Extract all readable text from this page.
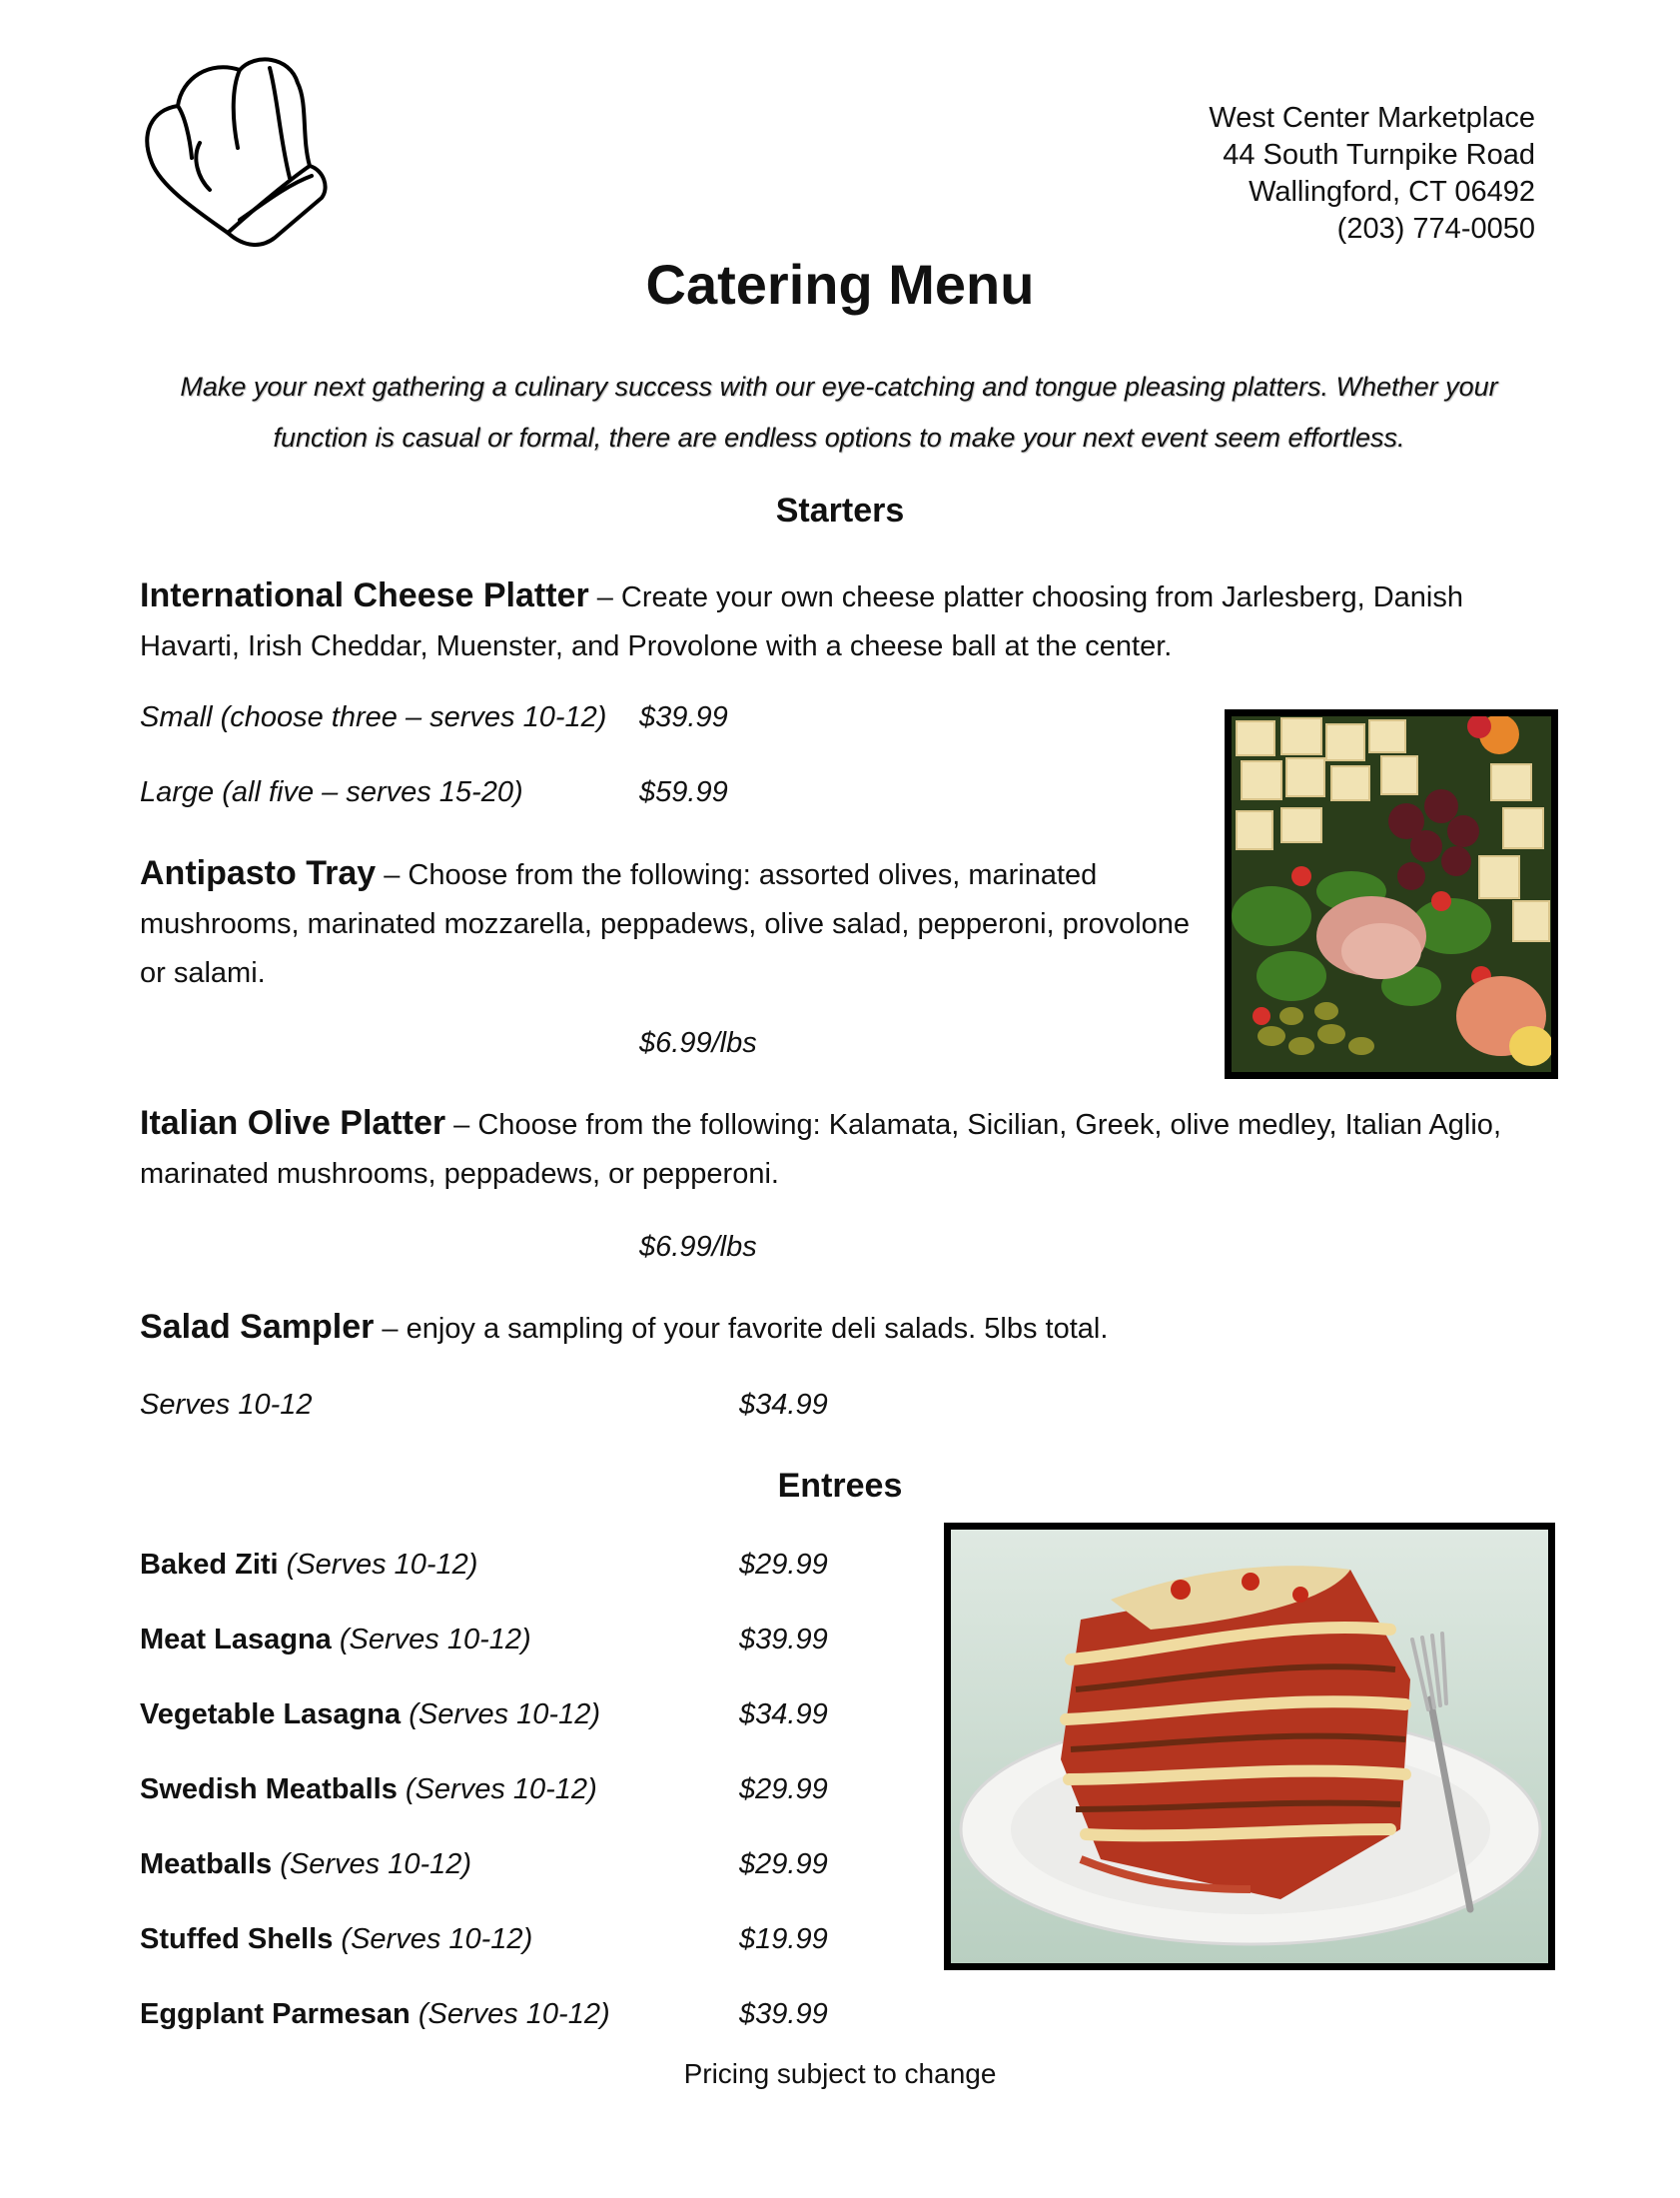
West Center Marketplace
44 South Turnpike Road
Wallingford, CT 06492
(203) 774-0050
Catering Menu
Make your next gathering a culinary success with our eye-catching and tongue pleasing platters. Whether your function is casual or formal, there are endless options to make your next event seem effortless.
Starters
International Cheese Platter – Create your own cheese platter choosing from Jarlesberg, Danish Havarti, Irish Cheddar, Muenster, and Provolone with a cheese ball at the center.
Small (choose three – serves 10-12) $39.99
Large (all five – serves 15-20)	$59.99
Antipasto Tray – Choose from the following: assorted olives, marinated mushrooms, marinated mozzarella, peppadews, olive salad, pepperoni, provolone or salami.
$6.99/lbs
Italian Olive Platter – Choose from the following: Kalamata, Sicilian, Greek, olive medley, Italian Aglio, marinated mushrooms, peppadews, or pepperoni.
$6.99/lbs
Salad Sampler – enjoy a sampling of your favorite deli salads. 5lbs total.
Serves 10-12	$34.99
Entrees
Baked Ziti (Serves 10-12)	$29.99
Meat Lasagna (Serves 10-12)	$39.99
Vegetable Lasagna (Serves 10-12)	$34.99
Swedish Meatballs (Serves 10-12)	$29.99
Meatballs (Serves 10-12)	$29.99
Stuffed Shells (Serves 10-12)	$19.99
Eggplant Parmesan (Serves 10-12)	$39.99
Pricing subject to change
